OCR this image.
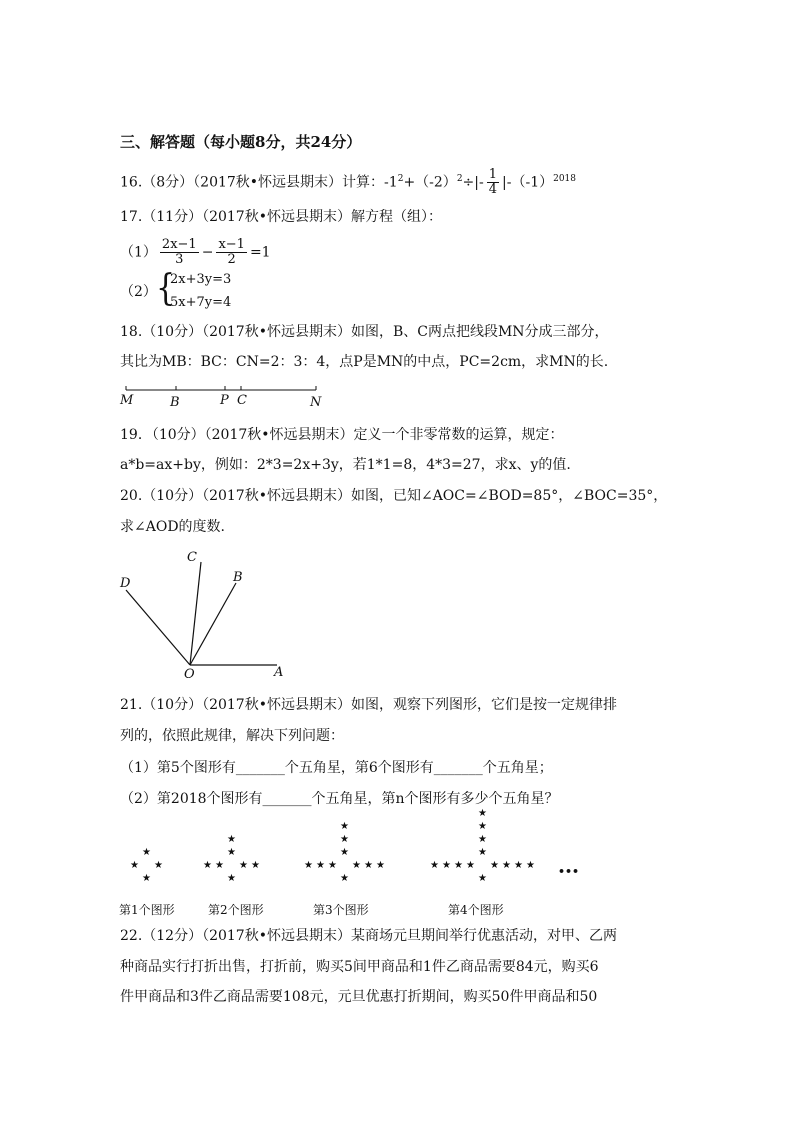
三、解答题（每小题8分，共24分）
16.（8分）（2017秋•怀远县期末）计算：$-1^2+(-2)^2\div|- \frac{1}{4} |-(-1)^{2018}$
17.（11分）（2017秋•怀远县期末）解方程（组）：
$(1) \frac{2x-1}{3} - \frac{x-1}{2} =1$
（2） {
2x+3y=3
5x+7y=4
18.（10分）（2017秋•怀远县期末）如图，B、C两点把线段MN分成三部分，
其比为MB：BC：CN=2：3：4，点P是MN的中点，PC=2cm，求MN的长.
M	B	P C	N
19．（10分）（2017秋•怀远县期末）定义一个非零常数的运算，规定：
a*b=ax+by，例如：2*3=2x+3y，若1*1=8，4*3=27，求x、y的值.
20.（10分）（2017秋•怀远县期末）如图，已知∠AOC=∠BOD=85°，∠BOC=35°，
求∠AOD的度数.
C
B
D
O	A
21.（10分）（2017秋•怀远县期末）如图，观察下列图形，它们是按一定规律排
列的，依照此规律，解决下列问题：
（1）第5个图形有_______个五角星，第6个图形有_______个五角星；
（2）第2018个图形有_______个五角星，第n个图形有多少个五角星？
★
★ ★
★
★
★
★
★	★ ★
★
★
★
★
★
★
★	★ ★ ★
★
★
★
★
★
★
★
★
★	★ ★ ★ ★
★
•••
第1个图形	第2个图形	第3个图形	第4个图形
22.（12分）（2017秋•怀远县期末）某商场元旦期间举行优惠活动，对甲、乙两
种商品实行打折出售，打折前，购买5间甲商品和1件乙商品需要84元，购买6
件甲商品和3件乙商品需要108元，元旦优惠打折期间，购买50件甲商品和50
